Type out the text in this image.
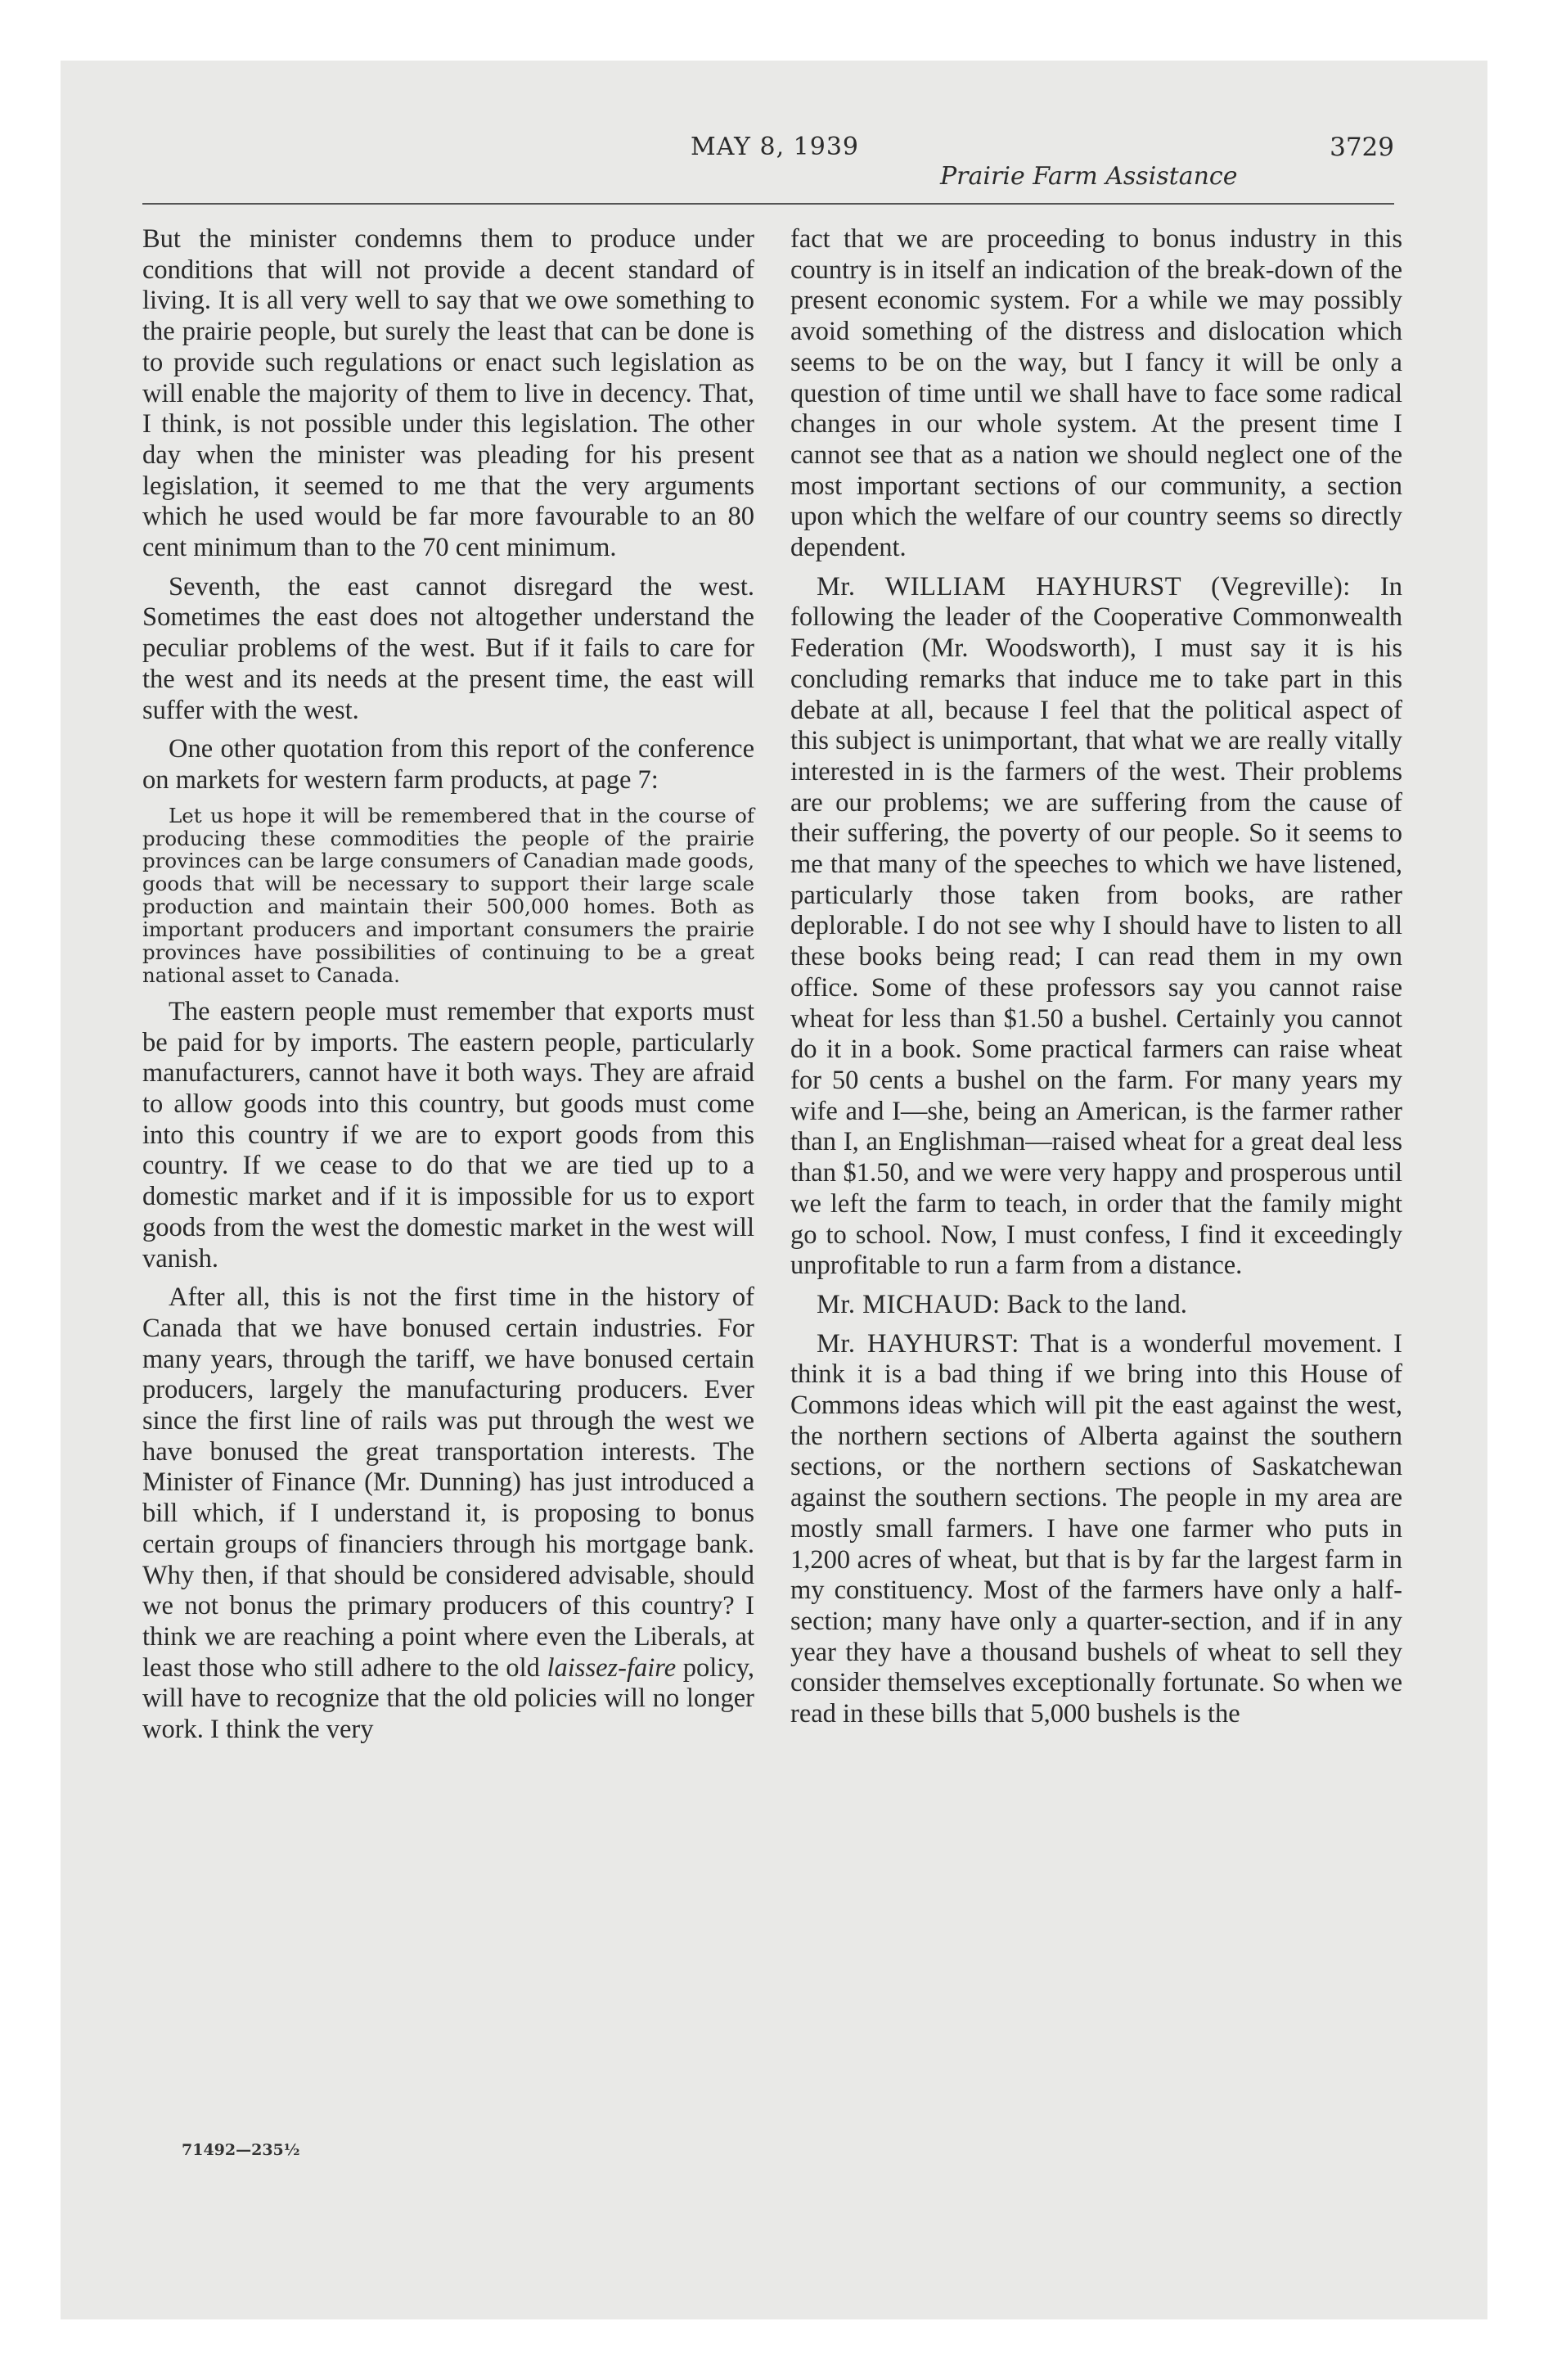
MAY 8, 1939
Prairie Farm Assistance
3729

But the minister condemns them to produce under conditions that will not provide a decent standard of living. It is all very well to say that we owe something to the prairie people, but surely the least that can be done is to provide such regulations or enact such legislation as will enable the majority of them to live in decency. That, I think, is not possible under this legislation. The other day when the minister was pleading for his present legislation, it seemed to me that the very arguments which he used would be far more favourable to an 80 cent minimum than to the 70 cent minimum.

Seventh, the east cannot disregard the west. Sometimes the east does not altogether understand the peculiar problems of the west. But if it fails to care for the west and its needs at the present time, the east will suffer with the west.

One other quotation from this report of the conference on markets for western farm products, at page 7:

Let us hope it will be remembered that in the course of producing these commodities the people of the prairie provinces can be large consumers of Canadian made goods, goods that will be necessary to support their large scale production and maintain their 500,000 homes. Both as important producers and important consumers the prairie provinces have possibilities of continuing to be a great national asset to Canada.

The eastern people must remember that exports must be paid for by imports. The eastern people, particularly manufacturers, cannot have it both ways. They are afraid to allow goods into this country, but goods must come into this country if we are to export goods from this country. If we cease to do that we are tied up to a domestic market and if it is impossible for us to export goods from the west the domestic market in the west will vanish.

After all, this is not the first time in the history of Canada that we have bonused certain industries. For many years, through the tariff, we have bonused certain producers, largely the manufacturing producers. Ever since the first line of rails was put through the west we have bonused the great transportation interests. The Minister of Finance (Mr. Dunning) has just introduced a bill which, if I understand it, is proposing to bonus certain groups of financiers through his mortgage bank. Why then, if that should be considered advisable, should we not bonus the primary producers of this country? I think we are reaching a point where even the Liberals, at least those who still adhere to the old laissez-faire policy, will have to recognize that the old policies will no longer work. I think the very

fact that we are proceeding to bonus industry in this country is in itself an indication of the break-down of the present economic system. For a while we may possibly avoid something of the distress and dislocation which seems to be on the way, but I fancy it will be only a question of time until we shall have to face some radical changes in our whole system. At the present time I cannot see that as a nation we should neglect one of the most important sections of our community, a section upon which the welfare of our country seems so directly dependent.

Mr. WILLIAM HAYHURST (Vegreville): In following the leader of the Cooperative Commonwealth Federation (Mr. Woodsworth), I must say it is his concluding remarks that induce me to take part in this debate at all, because I feel that the political aspect of this subject is unimportant, that what we are really vitally interested in is the farmers of the west. Their problems are our problems; we are suffering from the cause of their suffering, the poverty of our people. So it seems to me that many of the speeches to which we have listened, particularly those taken from books, are rather deplorable. I do not see why I should have to listen to all these books being read; I can read them in my own office. Some of these professors say you cannot raise wheat for less than $1.50 a bushel. Certainly you cannot do it in a book. Some practical farmers can raise wheat for 50 cents a bushel on the farm. For many years my wife and I—she, being an American, is the farmer rather than I, an Englishman—raised wheat for a great deal less than $1.50, and we were very happy and prosperous until we left the farm to teach, in order that the family might go to school. Now, I must confess, I find it exceedingly unprofitable to run a farm from a distance.

Mr. MICHAUD: Back to the land.

Mr. HAYHURST: That is a wonderful movement. I think it is a bad thing if we bring into this House of Commons ideas which will pit the east against the west, the northern sections of Alberta against the southern sections, or the northern sections of Saskatchewan against the southern sections. The people in my area are mostly small farmers. I have one farmer who puts in 1,200 acres of wheat, but that is by far the largest farm in my constituency. Most of the farmers have only a half-section; many have only a quarter-section, and if in any year they have a thousand bushels of wheat to sell they consider themselves exceptionally fortunate. So when we read in these bills that 5,000 bushels is the

71492—235½
